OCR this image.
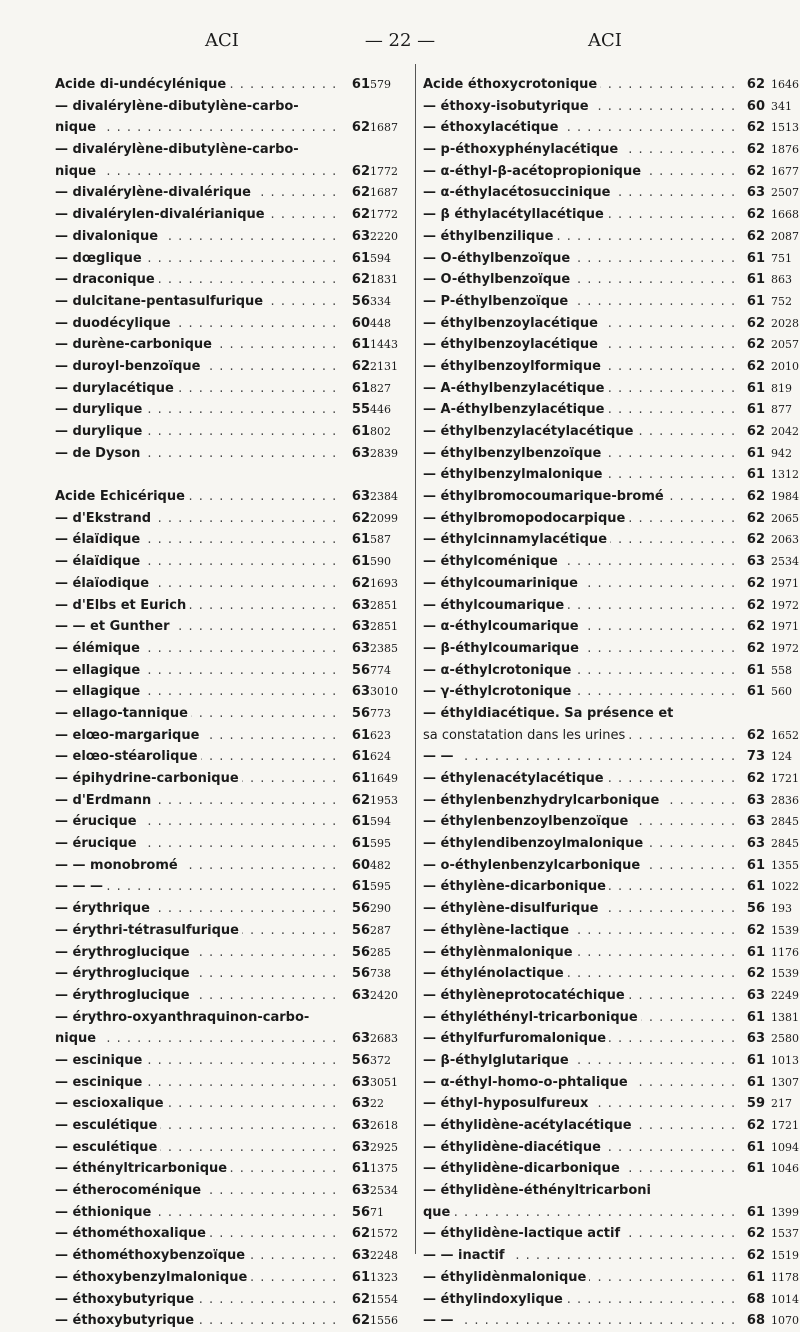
ACI	— 22 —	ACI
Acide di-undécylénique . . .	61 579
— divalérylène-dibutylène-carbo-
nique . . .	62 1687
— divalérylène-dibutylène-carbo-
nique . . .	62 1772
— divalérylène-divalérique . . .	62 1687
— divalérylen-divalérianique . . .	62 1772
— divalonique . . .	63 2220
— dœglique . . .	61 594
— draconique . . .	62 1831
— dulcitane-pentasulfurique . . .	56 334
— duodécylique . . .	60 448
— durène-carbonique . . .	61 1443
— duroyl-benzoïque . . .	62 2131
— durylacétique . . .	61 827
— durylique . . .	55 446
— durylique . . .	61 802
— de Dyson . . .	63 2839
Acide Echicérique . . .	63 2384
— d'Ekstrand . . .	62 2099
— élaïdique . . .	61 587
— élaïdique . . .	61 590
— élaïodique . . .	62 1693
— d'Elbs et Eurich . . .	63 2851
— — et Gunther . . .	63 2851
— élémique . . .	63 2385
— ellagique . . .	56 774
— ellagique . . .	63 3010
— ellago-tannique . . .	56 773
— elœo-margarique . . .	61 623
— elœo-stéarolique . . .	61 624
— épihydrine-carbonique . . .	61 1649
— d'Erdmann . . .	62 1953
— érucique . . .	61 594
— érucique . . .	61 595
— — monobromé . . .	60 482
— — — . . .	61 595
— érythrique . . .	56 290
— érythri-tétrasulfurique . . .	56 287
— érythroglucique . . .	56 285
— érythroglucique . . .	56 738
— érythroglucique . . .	63 2420
— érythro-oxyanthraquinon-carbo-
nique . . .	63 2683
— escinique . . .	56 372
— escinique . . .	63 3051
— escioxalique . . .	63 22
— esculétique . . .	63 2618
— esculétique . . .	63 2925
— éthényltricarbonique . . .	61 1375
— étherocoménique . . .	63 2534
— éthionique . . .	56 71
— éthométhoxalique . . .	62 1572
— éthométhoxybenzoïque . . .	63 2248
— éthoxybenzylmalonique . . .	61 1323
— éthoxybutyrique . . .	62 1554
— éthoxybutyrique . . .	62 1556
Acide éthoxycrotonique . . .	62 1646
— éthoxy-isobutyrique . . .	60 341
— éthoxylacétique . . .	62 1513
— p-éthoxyphénylacétique . . .	62 1876
— α-éthyl-β-acétopropionique . . .	62 1677
— α-éthylacétosuccinique . . .	63 2507
— β éthylacétyllacétique . . .	62 1668
— éthylbenzilique . . .	62 2087
— O-éthylbenzoïque . . .	61 751
— O-éthylbenzoïque . . .	61 863
— P-éthylbenzoïque . . .	61 752
— éthylbenzoylacétique . . .	62 2028
— éthylbenzoylacétique . . .	62 2057
— éthylbenzoylformique . . .	62 2010
— A-éthylbenzylacétique . . .	61 819
— A-éthylbenzylacétique . . .	61 877
— éthylbenzylacétylacétique . . .	62 2042
— éthylbenzylbenzoïque . . .	61 942
— éthylbenzylmalonique . . .	61 1312
— éthylbromocoumarique-bromé . . .	62 1984
— éthylbromopodocarpique . . .	62 2065
— éthylcinnamylacétique . . .	62 2063
— éthylcoménique . . .	63 2534
— éthylcoumarinique . . .	62 1971
— éthylcoumarique . . .	62 1972
— α-éthylcoumarique . . .	62 1971
— β-éthylcoumarique . . .	62 1972
— α-éthylcrotonique . . .	61 558
— γ-éthylcrotonique . . .	61 560
— éthyldiacétique. Sa présence et
sa constatation dans les urines . . .	62 1652
— — . . .	73 124
— éthylenacétylacétique . . .	62 1721
— éthylenbenzhydrylcarbonique . . .	63 2836
— éthylenbenzoylbenzoïque . . .	63 2845
— éthylendibenzoylmalonique . . .	63 2845
— o-éthylenbenzylcarbonique . . .	61 1355
— éthylène-dicarbonique . . .	61 1022
— éthylène-disulfurique . . .	56 193
— éthylène-lactique . . .	62 1539
— éthylènmalonique . . .	61 1176
— éthylénolactique . . .	62 1539
— éthylèneprotocatéchique . . .	63 2249
— éthyléthényl-tricarbonique . . .	61 1381
— éthylfurfuromalonique . . .	63 2580
— β-éthylglutarique . . .	61 1013
— α-éthyl-homo-o-phtalique . . .	61 1307
— éthyl-hyposulfureux . . .	59 217
— éthylidène-acétylacétique . . .	62 1721
— éthylidène-diacétique . . .	61 1094
— éthylidène-dicarbonique . . .	61 1046
— éthylidène-éthényltricarboni
que . . .	61 1399
— éthylidène-lactique actif . . .	62 1537
— — inactif . . .	62 1519
— éthylidènmalonique . . .	61 1178
— éthylindoxylique . . .	68 1014
— — . . .	68 1070
